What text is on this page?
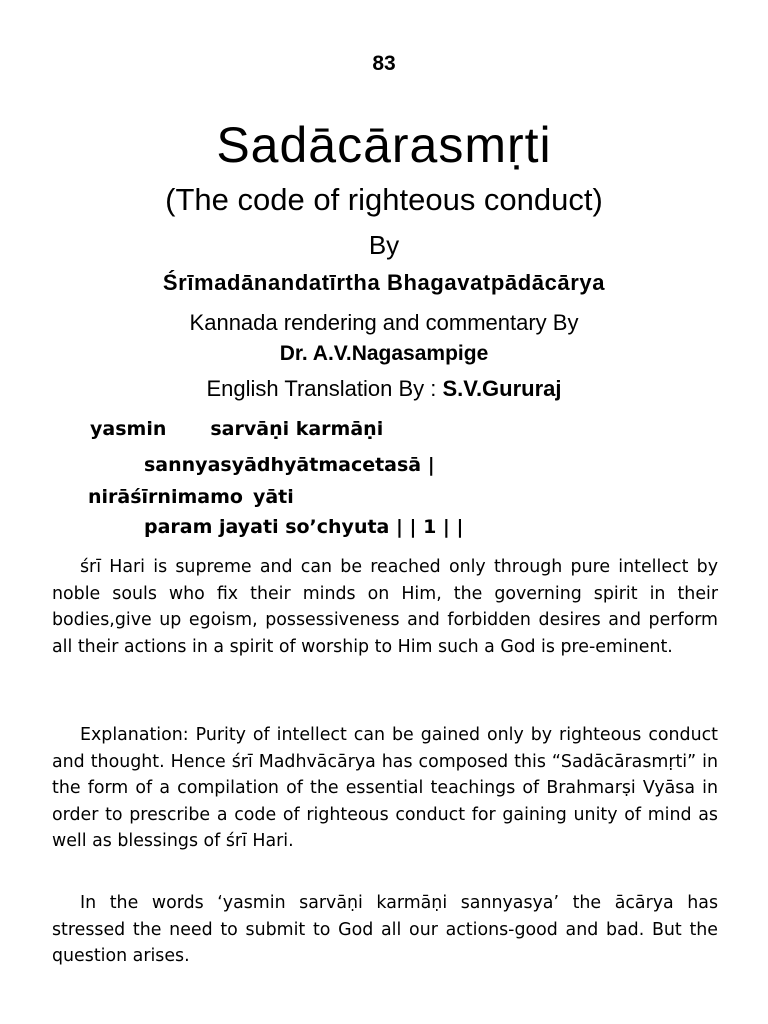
83
Sadācārasmṛti
(The code of righteous conduct)
By
Śrīmadānandatīrtha Bhagavatpādācārya
Kannada rendering and commentary By
Dr. A.V.Nagasampige
English Translation By : S.V.Gururaj
yasmin sarvāṇi karmāṇi
sannyasyādhyātmacetasā |
nirāśīrnimamo yāti
param jayati so’chyuta | | 1 | |

śrī Hari is supreme and can be reached only through pure intellect by noble souls who fix their minds on Him, the governing spirit in their bodies,give up egoism, possessiveness and forbidden desires and perform all their actions in a spirit of worship to Him such a God is pre-eminent.

Explanation: Purity of intellect can be gained only by righteous conduct and thought. Hence śrī Madhvācārya has composed this “Sadācārasmṛti” in the form of a compilation of the essential teachings of Brahmarṣi Vyāsa in order to prescribe a code of righteous conduct for gaining unity of mind as well as blessings of śrī Hari.

In the words ‘yasmin sarvāṇi karmāṇi sannyasya’ the ācārya has stressed the need to submit to God all our actions-good and bad. But the question arises.
